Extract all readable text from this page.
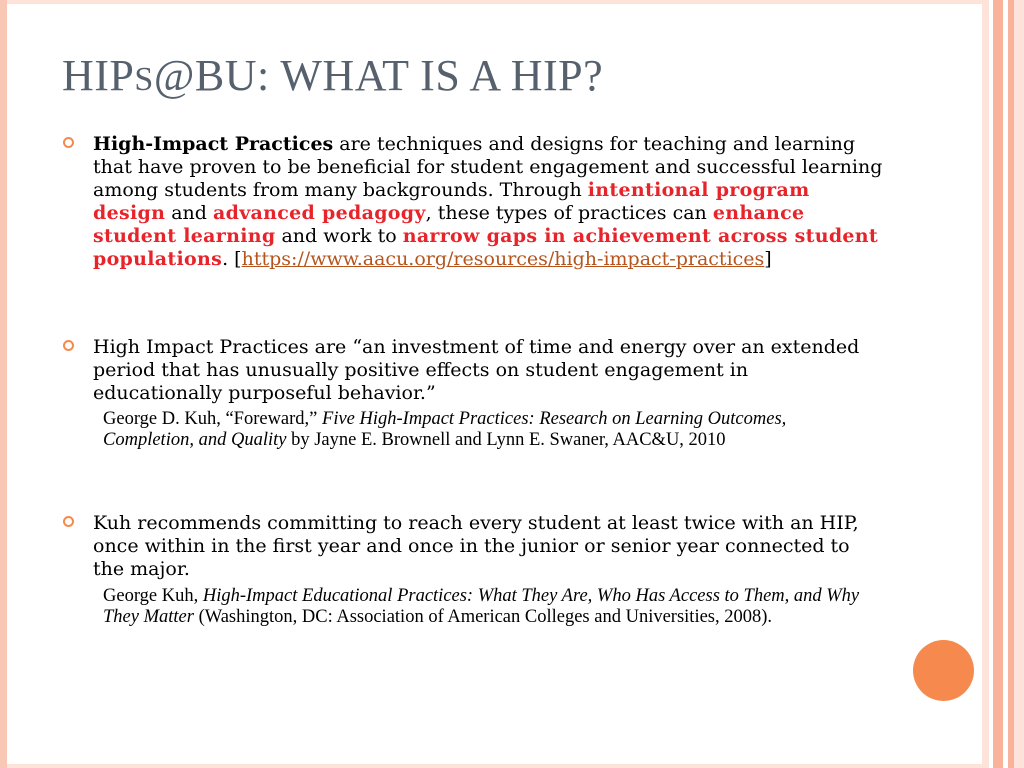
HIPS@BU: WHAT IS A HIP?
High-Impact Practices are techniques and designs for teaching and learning that have proven to be beneficial for student engagement and successful learning among students from many backgrounds. Through intentional program design and advanced pedagogy, these types of practices can enhance student learning and work to narrow gaps in achievement across student populations. [https://www.aacu.org/resources/high-impact-practices]
High Impact Practices are “an investment of time and energy over an extended period that has unusually positive effects on student engagement in educationally purposeful behavior.”
George D. Kuh, “Foreward,” Five High-Impact Practices: Research on Learning Outcomes, Completion, and Quality by Jayne E. Brownell and Lynn E. Swaner, AAC&U, 2010
Kuh recommends committing to reach every student at least twice with an HIP, once within in the first year and once in the junior or senior year connected to the major.
George Kuh, High-Impact Educational Practices: What They Are, Who Has Access to Them, and Why They Matter (Washington, DC: Association of American Colleges and Universities, 2008).
